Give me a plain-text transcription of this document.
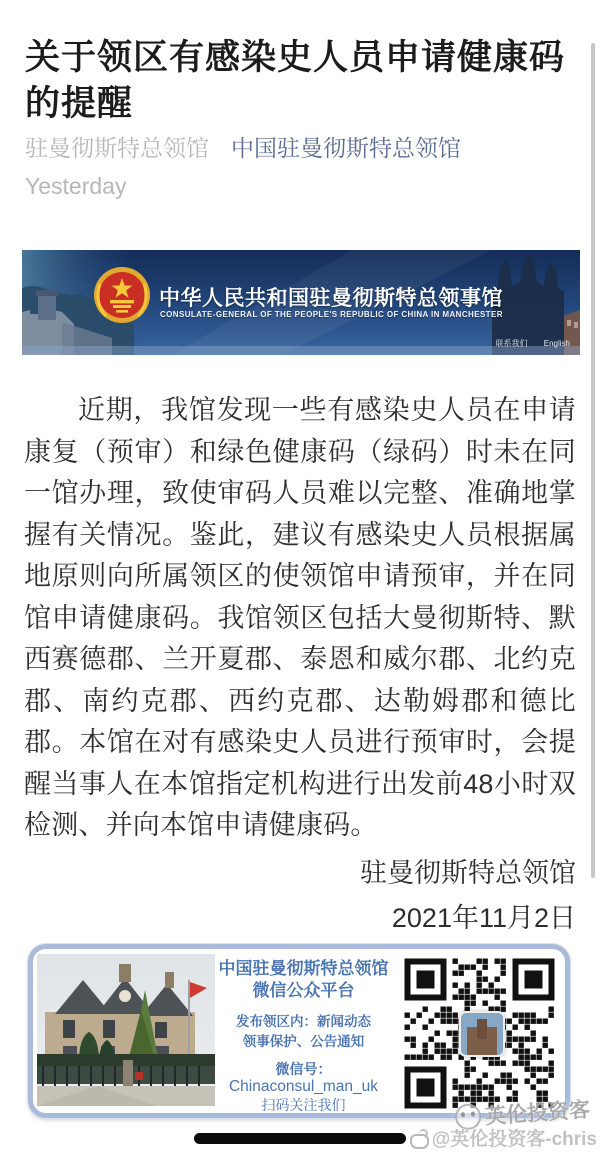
关于领区有感染史人员申请健康码的提醒
驻曼彻斯特总领馆 中国驻曼彻斯特总领馆
Yesterday
中华人民共和国驻曼彻斯特总领事馆
CONSULATE-GENERAL OF THE PEOPLE'S REPUBLIC OF CHINA IN MANCHESTER
联系我们 English

近期，我馆发现一些有感染史人员在申请康复（预审）和绿色健康码（绿码）时未在同一馆办理，致使审码人员难以完整、准确地掌握有关情况。鉴此，建议有感染史人员根据属地原则向所属领区的使领馆申请预审，并在同馆申请健康码。我馆领区包括大曼彻斯特、默西赛德郡、兰开夏郡、泰恩和威尔郡、北约克郡、南约克郡、西约克郡、达勒姆郡和德比郡。本馆在对有感染史人员进行预审时，会提醒当事人在本馆指定机构进行出发前48小时双检测、并向本馆申请健康码。

驻曼彻斯特总领馆
2021年11月2日
中国驻曼彻斯特总领馆
微信公众平台
发布领区内：新闻动态
领事保护、公告通知
微信号：
Chinaconsul_man_uk
扫码关注我们	英伦投资客
@英伦投资客-chris
